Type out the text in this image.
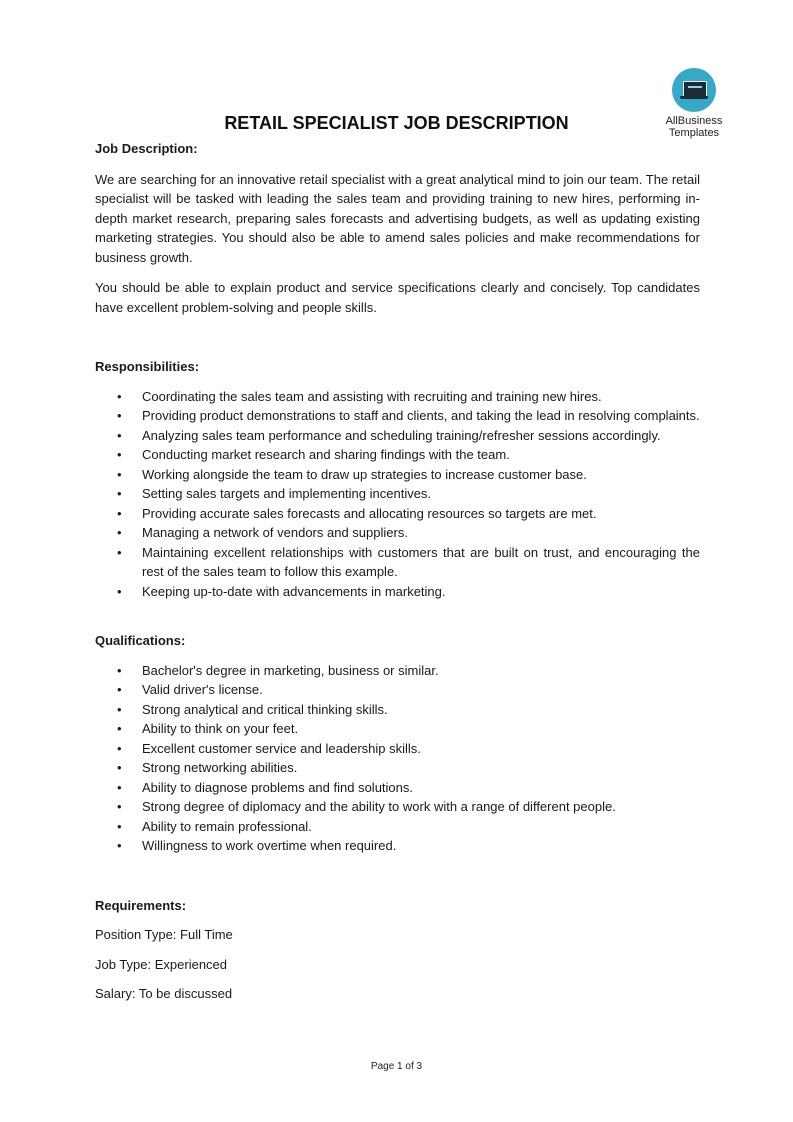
AllBusiness
Templates
RETAIL SPECIALIST JOB DESCRIPTION

Job Description:

We are searching for an innovative retail specialist with a great analytical mind to join our team. The retail specialist will be tasked with leading the sales team and providing training to new hires, performing in-depth market research, preparing sales forecasts and advertising budgets, as well as updating existing marketing strategies. You should also be able to amend sales policies and make recommendations for business growth.

You should be able to explain product and service specifications clearly and concisely. Top candidates have excellent problem-solving and people skills.

Responsibilities:

• Coordinating the sales team and assisting with recruiting and training new hires.
• Providing product demonstrations to staff and clients, and taking the lead in resolving complaints.
• Analyzing sales team performance and scheduling training/refresher sessions accordingly.
• Conducting market research and sharing findings with the team.
• Working alongside the team to draw up strategies to increase customer base.
• Setting sales targets and implementing incentives.
• Providing accurate sales forecasts and allocating resources so targets are met.
• Managing a network of vendors and suppliers.
• Maintaining excellent relationships with customers that are built on trust, and encouraging the rest of the sales team to follow this example.
• Keeping up-to-date with advancements in marketing.

Qualifications:

• Bachelor's degree in marketing, business or similar.
• Valid driver's license.
• Strong analytical and critical thinking skills.
• Ability to think on your feet.
• Excellent customer service and leadership skills.
• Strong networking abilities.
• Ability to diagnose problems and find solutions.
• Strong degree of diplomacy and the ability to work with a range of different people.
• Ability to remain professional.
• Willingness to work overtime when required.

Requirements:

Position Type: Full Time

Job Type: Experienced

Salary: To be discussed

Page 1 of 3
